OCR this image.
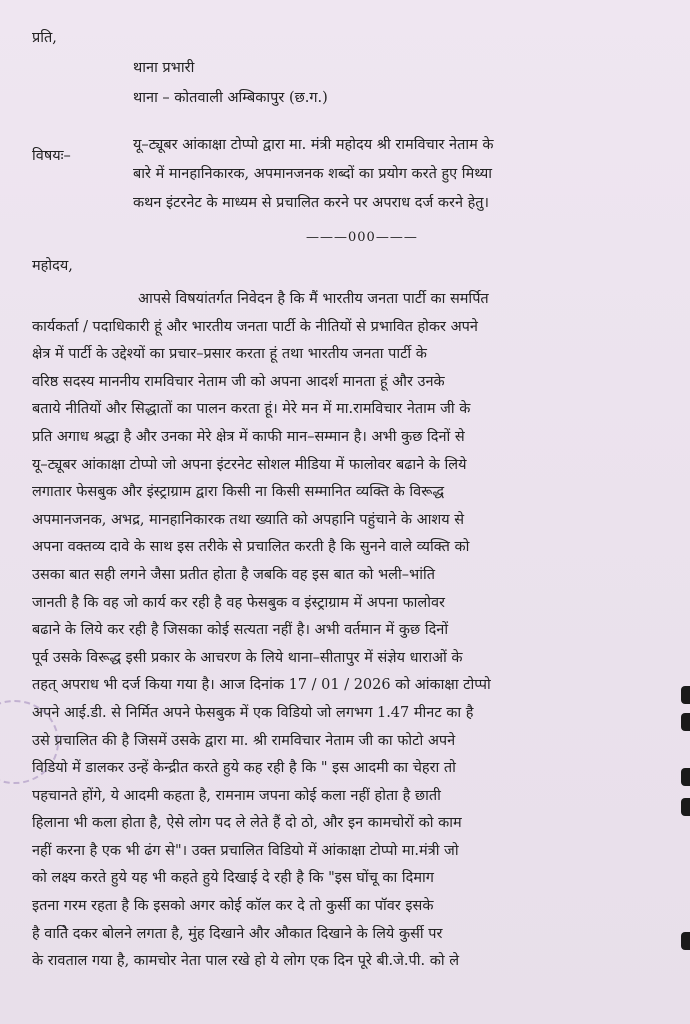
प्रति,
थाना प्रभारी
थाना – कोतवाली अम्बिकापुर (छ.ग.)
विषयः–
यू–ट्यूबर आंकाक्षा टोप्पो द्वारा मा. मंत्री महोदय श्री रामविचार नेताम के
बारे में मानहानिकारक, अपमानजनक शब्दों का प्रयोग करते हुए मिथ्या
कथन इंटरनेट के माध्यम से प्रचालित करने पर अपराध दर्ज करने हेतु।
———000———
महोदय,
आपसे विषयांतर्गत निवेदन है कि मैं भारतीय जनता पार्टी का समर्पित
कार्यकर्ता / पदाधिकारी हूं और भारतीय जनता पार्टी के नीतियों से प्रभावित होकर अपने
क्षेत्र में पार्टी के उद्देश्यों का प्रचार–प्रसार करता हूं तथा भारतीय जनता पार्टी के
वरिष्ठ सदस्य माननीय रामविचार नेताम जी को अपना आदर्श मानता हूं और उनके
बताये नीतियों और सिद्धातों का पालन करता हूं। मेरे मन में मा.रामविचार नेताम जी के
प्रति अगाध श्रद्धा है और उनका मेरे क्षेत्र में काफी मान–सम्मान है। अभी कुछ दिनों से
यू–ट्यूबर आंकाक्षा टोप्पो जो अपना इंटरनेट सोशल मीडिया में फालोवर बढाने के लिये
लगातार फेसबुक और इंस्ट्राग्राम द्वारा किसी ना किसी सम्मानित व्यक्ति के विरूद्ध
अपमानजनक, अभद्र, मानहानिकारक तथा ख्याति को अपहानि पहुंचाने के आशय से
अपना वक्तव्य दावे के साथ इस तरीके से प्रचालित करती है कि सुनने वाले व्यक्ति को
उसका बात सही लगने जैसा प्रतीत होता है जबकि वह इस बात को भली–भांति
जानती है कि वह जो कार्य कर रही है वह फेसबुक व इंस्ट्राग्राम में अपना फालोवर
बढाने के लिये कर रही है जिसका कोई सत्यता नहीं है। अभी वर्तमान में कुछ दिनों
पूर्व उसके विरूद्ध इसी प्रकार के आचरण के लिये थाना–सीतापुर में संज्ञेय धाराओं के
तहत् अपराध भी दर्ज किया गया है। आज दिनांक 17 / 01 / 2026 को आंकाक्षा टोप्पो
अपने आई.डी. से निर्मित अपने फेसबुक में एक विडियो जो लगभग 1.47 मीनट का है
उसे प्रचालित की है जिसमें उसके द्वारा मा. श्री रामविचार नेताम जी का फोटो अपने
विडियो में डालकर उन्हें केन्द्रीत करते हुये कह रही है कि " इस आदमी का चेहरा तो
पहचानते होंगे, ये आदमी कहता है, रामनाम जपना कोई कला नहीं होता है छाती
हिलाना भी कला होता है, ऐसे लोग पद ले लेते हैं दो ठो, और इन कामचोरों को काम
नहीं करना है एक भी ढंग से"। उक्त प्रचालित विडियो में आंकाक्षा टोप्पो मा.मंत्री जो
को लक्ष्य करते हुये यह भी कहते हुये दिखाई दे रही है कि "इस घोंचू का दिमाग
इतना गरम रहता है कि इसको अगर कोई कॉल कर दे तो कुर्सी का पॉवर इसके
है वातेि दकर बोलने लगता है, मुंह दिखाने और औकात दिखाने के लिये कुर्सी पर
के रावताल गया है, कामचोर नेता पाल रखे हो ये लोग एक दिन पूरे बी.जे.पी. को ले
